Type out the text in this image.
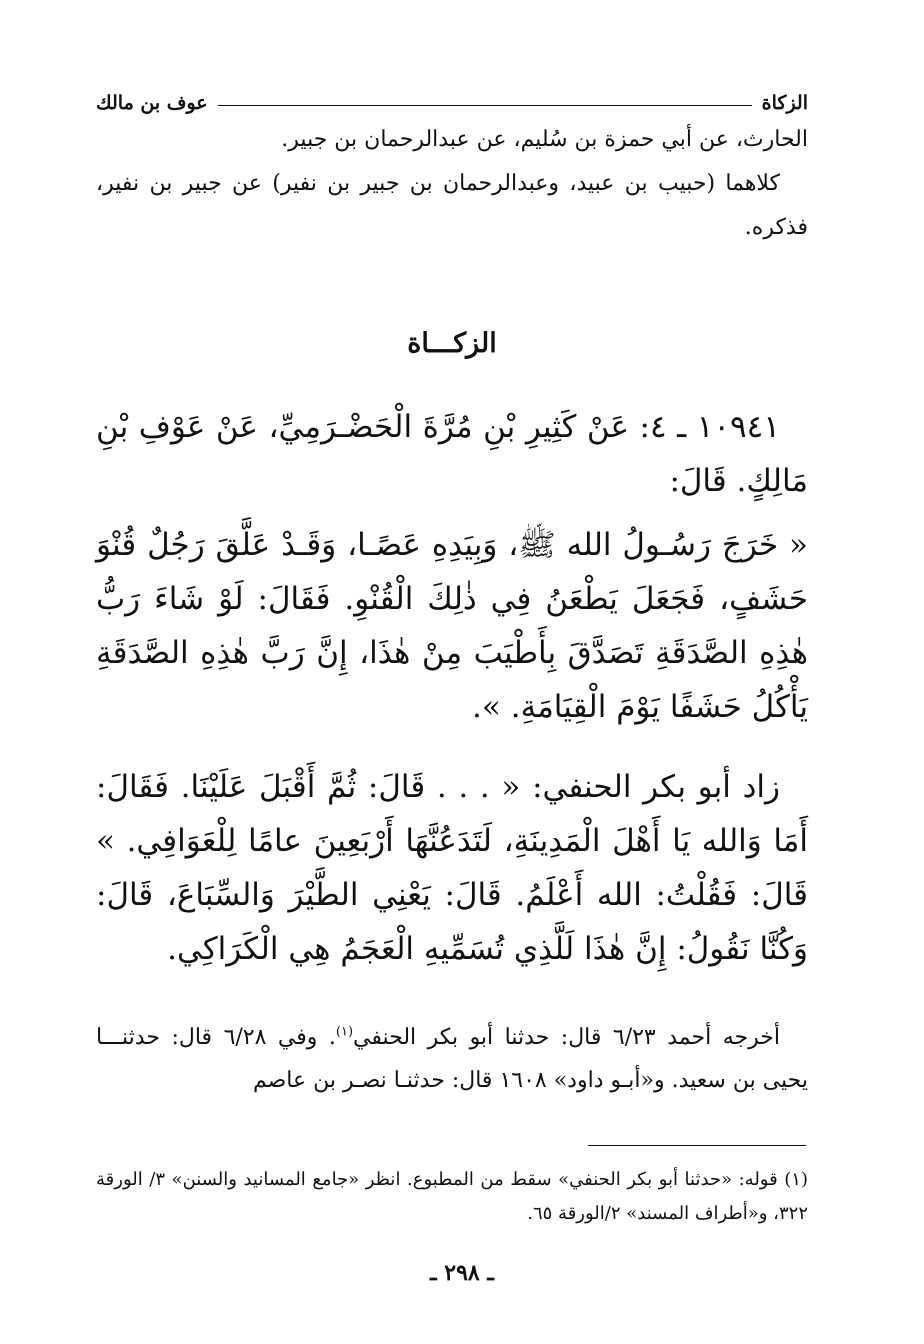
الزكاة
عوف بن مالك

الحارث، عن أبي حمزة بن سُليم، عن عبدالرحمان بن جبير.

كلاهما (حبيب بن عبيد، وعبدالرحمان بن جبير بن نفير) عن جبير بن نفير، فذكره.

الزكـــاة

١٠٩٤١ ـ ٤: عَنْ كَثِيرِ بْنِ مُرَّةَ الْحَضْـرَمِيِّ، عَنْ عَوْفِ بْنِ مَالِكٍ. قَالَ:

« خَرَجَ رَسُـولُ الله ﷺ، وَبِيَدِهِ عَصًـا، وَقَـدْ عَلَّقَ رَجُلٌ قُنْوَ حَشَفٍ، فَجَعَلَ يَطْعَنُ فِي ذٰلِكَ الْقُنْوِ. فَقَالَ: لَوْ شَاءَ رَبُّ هٰذِهِ الصَّدَقَةِ تَصَدَّقَ بِأَطْيَبَ مِنْ هٰذَا، إِنَّ رَبَّ هٰذِهِ الصَّدَقَةِ يَأْكُلُ حَشَفًا يَوْمَ الْقِيَامَةِ. ».

زاد أبو بكر الحنفي: « . . . قَالَ: ثُمَّ أَقْبَلَ عَلَيْنَا. فَقَالَ: أَمَا وَالله يَا أَهْلَ الْمَدِينَةِ، لَتَدَعُنَّهَا أَرْبَعِينَ عامًا لِلْعَوَافِي. » قَالَ: فَقُلْتُ: الله أَعْلَمُ. قَالَ: يَعْنِي الطَّيْرَ وَالسِّبَاعَ، قَالَ: وَكُنَّا نَقُولُ: إِنَّ هٰذَا لَلَّذِي تُسَمِّيهِ الْعَجَمُ هِي الْكَرَاكِي.

أخرجه أحمد ٦/٢٣ قال: حدثنا أبو بكر الحنفي$^{(١)}$. وفي ٦/٢٨ قال: حدثنـــا يحيى بن سعيد. و«أبـو داود» ١٦٠٨ قال: حدثنـا نصـر بن عاصم
(١) قوله: «حدثنا أبو بكر الحنفي» سقط من المطبوع. انظر «جامع المسانيد والسنن» ٣/ الورقة ٣٢٢، و«أطراف المسند» ٢/الورقة ٦٥.
ـ ٢٩٨ ـ
